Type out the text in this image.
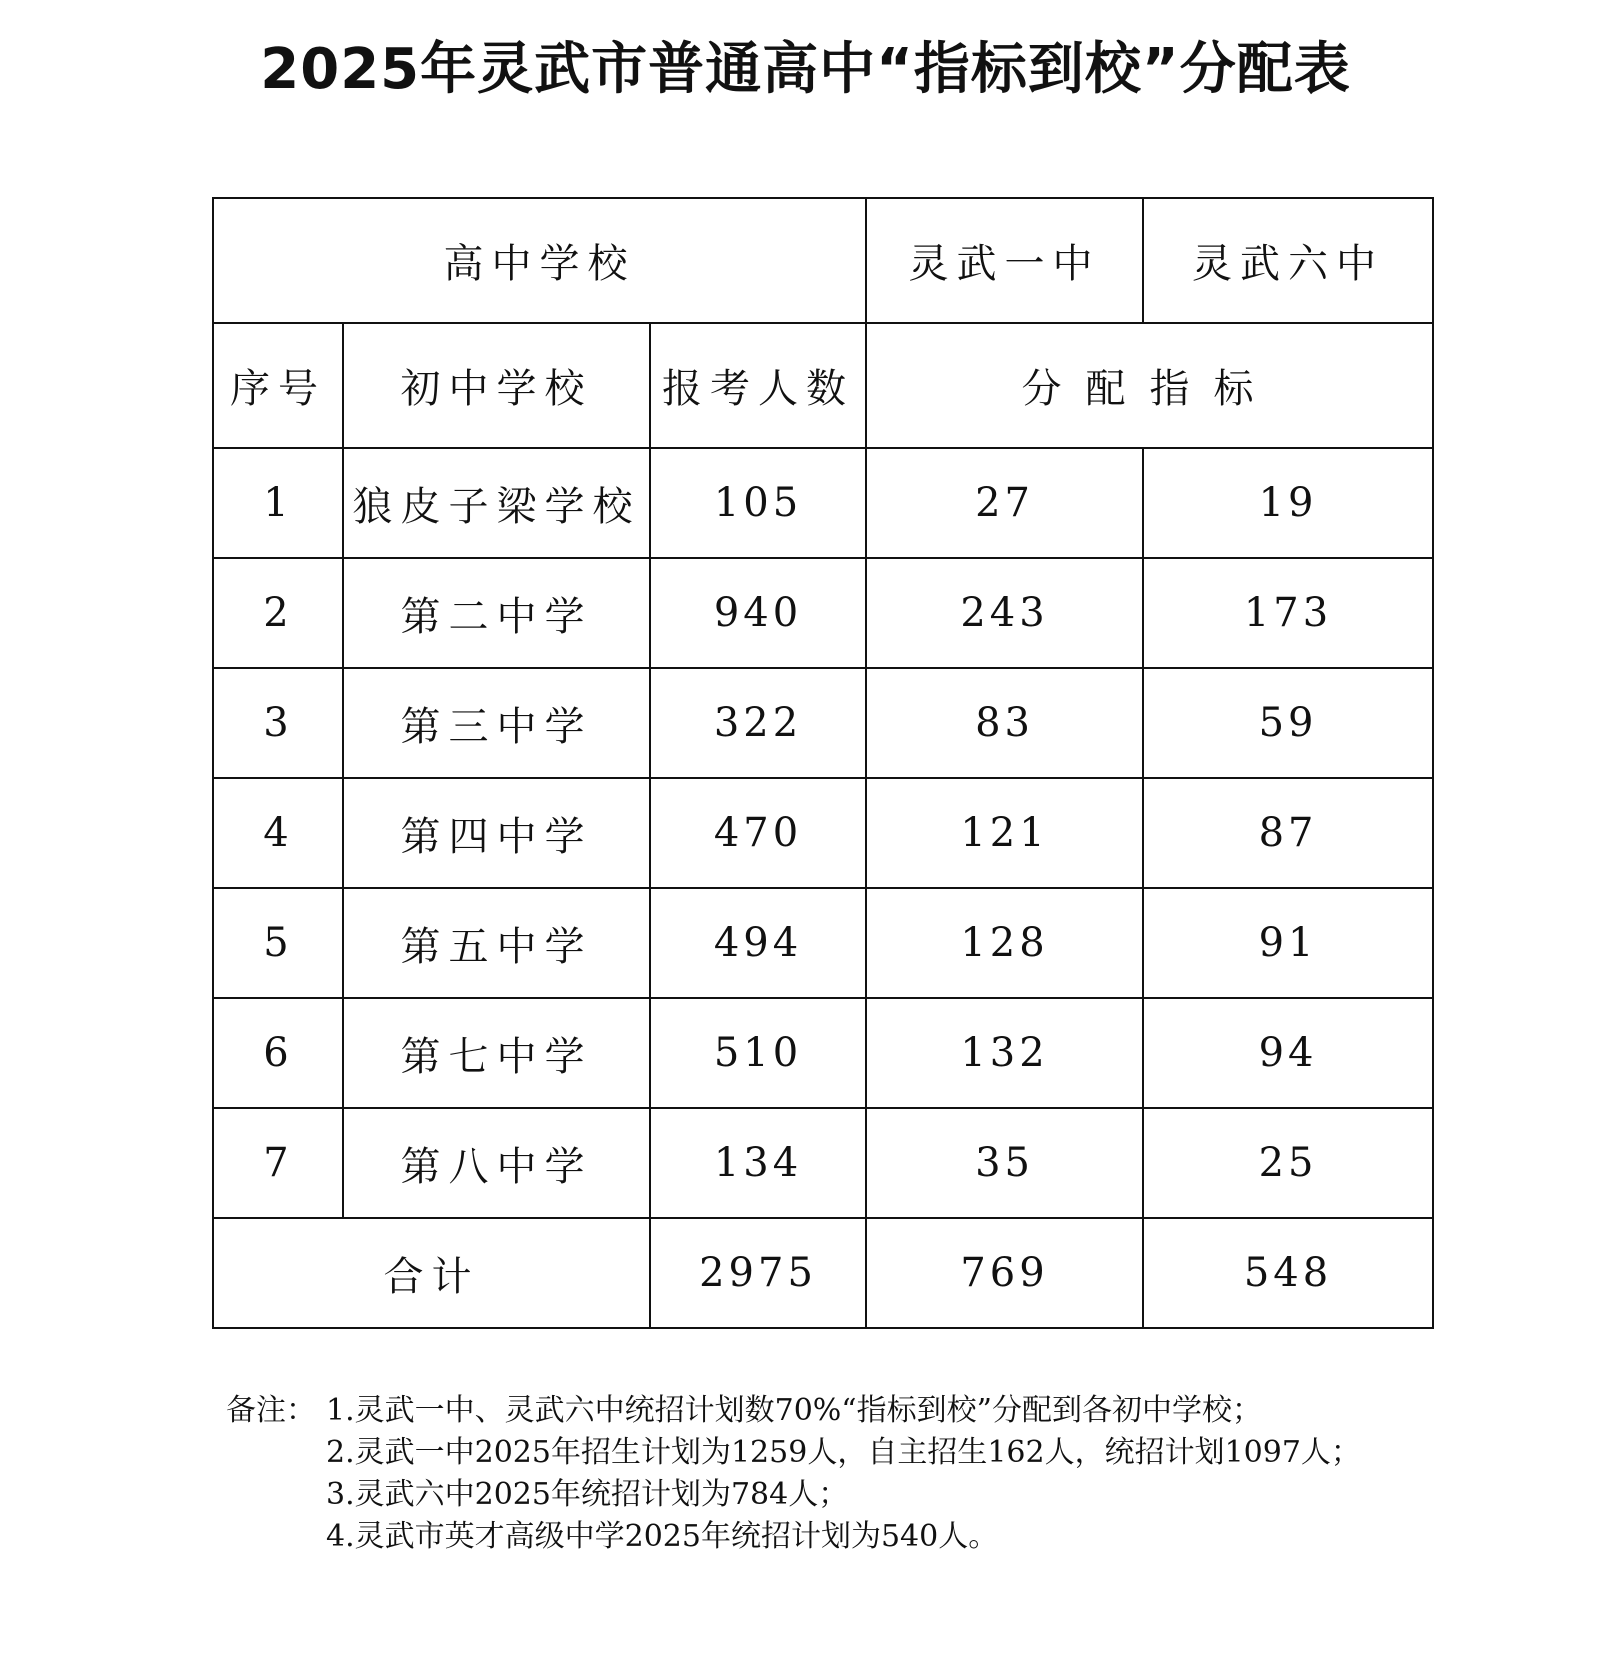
2025年灵武市普通高中“指标到校”分配表
高中学校			灵武一中	灵武六中
序号	初中学校	报考人数	分配指标	
1	狼皮子梁学校	105	27	19
2	第二中学	940	243	173
3	第三中学	322	83	59
4	第四中学	470	121	87
5	第五中学	494	128	91
6	第七中学	510	132	94
7	第八中学	134	35	25
合计		2975	769	548
备注： 1.灵武一中、灵武六中统招计划数70%“指标到校”分配到各初中学校；
2.灵武一中2025年招生计划为1259人，自主招生162人，统招计划1097人；
3.灵武六中2025年统招计划为784人；
4.灵武市英才高级中学2025年统招计划为540人。
